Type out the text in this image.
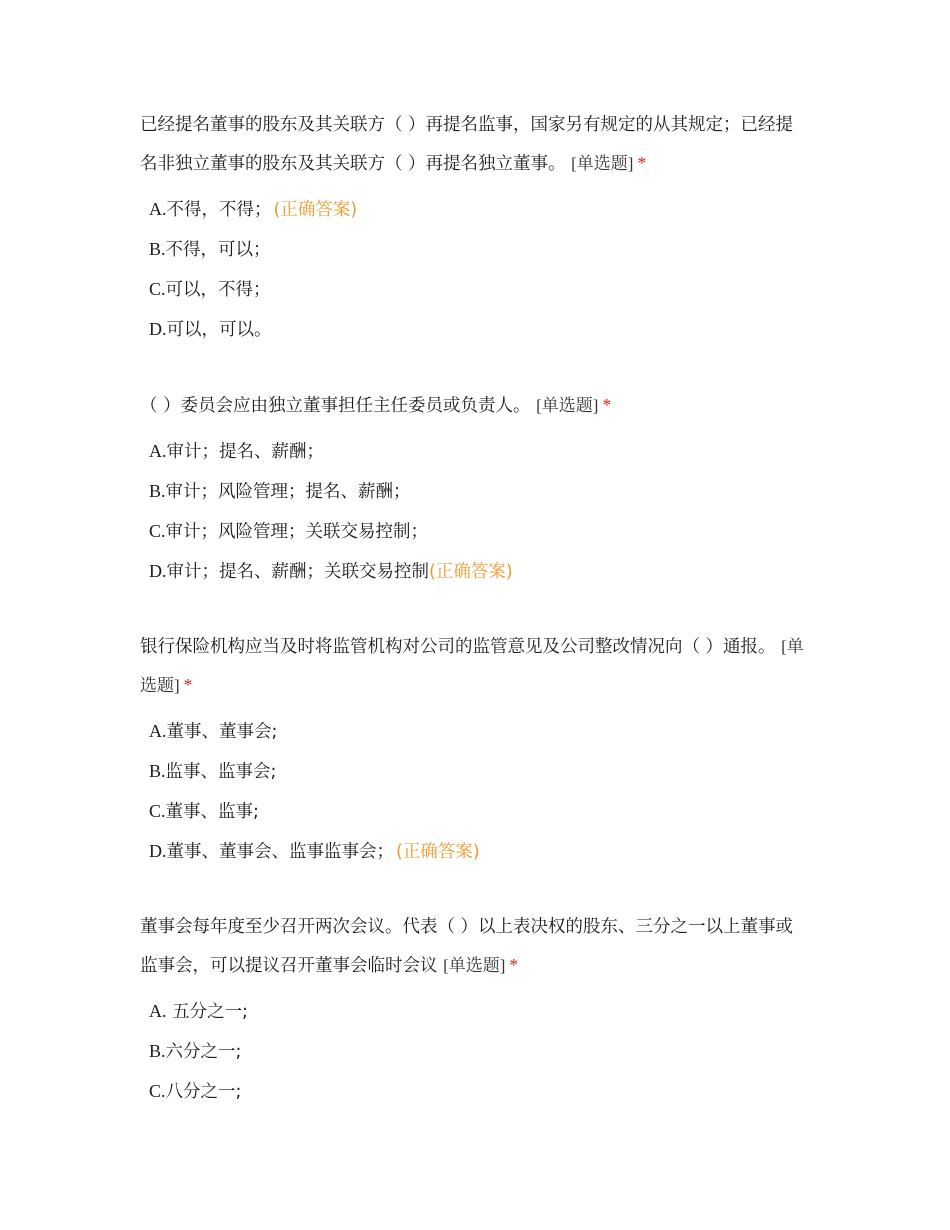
已经提名董事的股东及其关联方（ ）再提名监事，国家另有规定的从其规定；已经提名非独立董事的股东及其关联方（ ）再提名独立董事。 [单选题] *

A.不得，不得； (正确答案)
B.不得，可以；
C.可以，不得；
D.可以，可以。

（ ）委员会应由独立董事担任主任委员或负责人。 [单选题] *

A.审计；提名、薪酬；
B.审计；风险管理；提名、薪酬；
C.审计；风险管理；关联交易控制；
D.审计；提名、薪酬；关联交易控制(正确答案)

银行保险机构应当及时将监管机构对公司的监管意见及公司整改情况向（ ）通报。 [单选题] *

A.董事、董事会;
B.监事、监事会;
C.董事、监事;
D.董事、董事会、监事监事会； (正确答案)

董事会每年度至少召开两次会议。代表（ ）以上表决权的股东、三分之一以上董事或监事会，可以提议召开董事会临时会议 [单选题] *

A. 五分之一;
B.六分之一;
C.八分之一;
